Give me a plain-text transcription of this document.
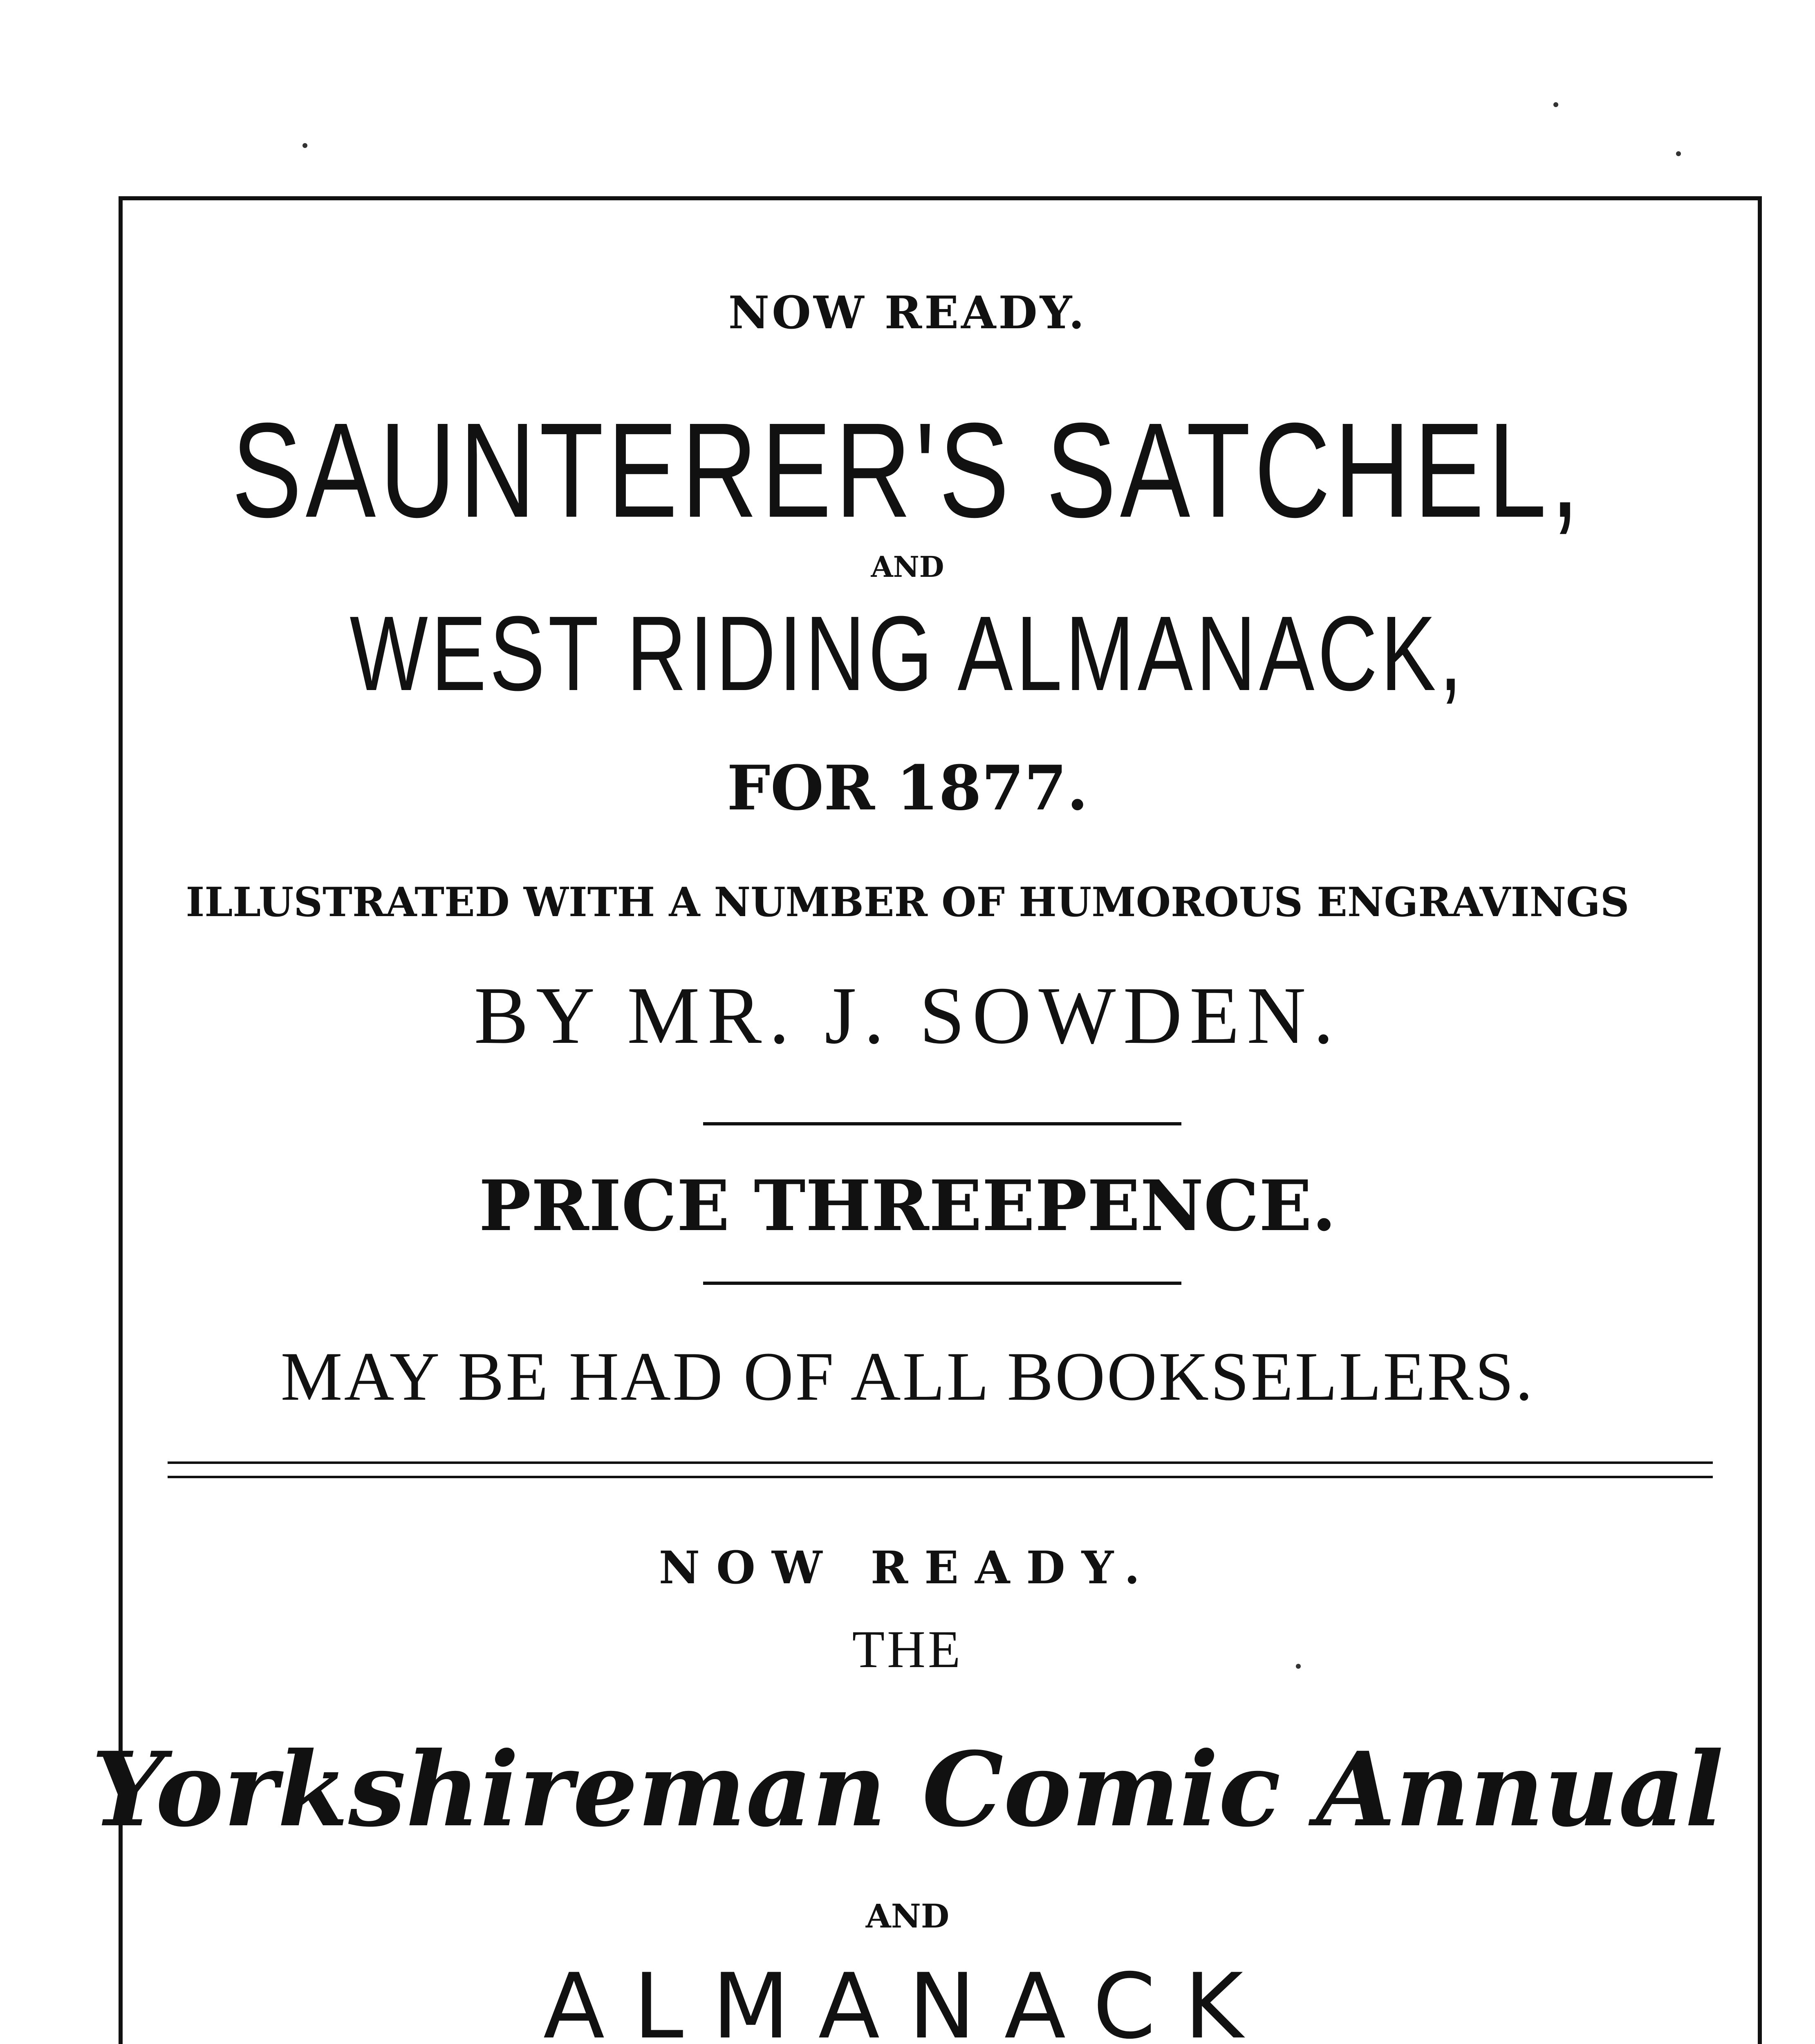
NOW READY.
SAUNTERER'S SATCHEL,
AND
WEST RIDING ALMANACK,
FOR 1877.
ILLUSTRATED WITH A NUMBER OF HUMOROUS ENGRAVINGS
BY MR. J. SOWDEN.
PRICE THREEPENCE.
MAY BE HAD OF ALL BOOKSELLERS.
NOW READY.
THE
Yorkshireman Comic Annual
AND
ALMANACK
